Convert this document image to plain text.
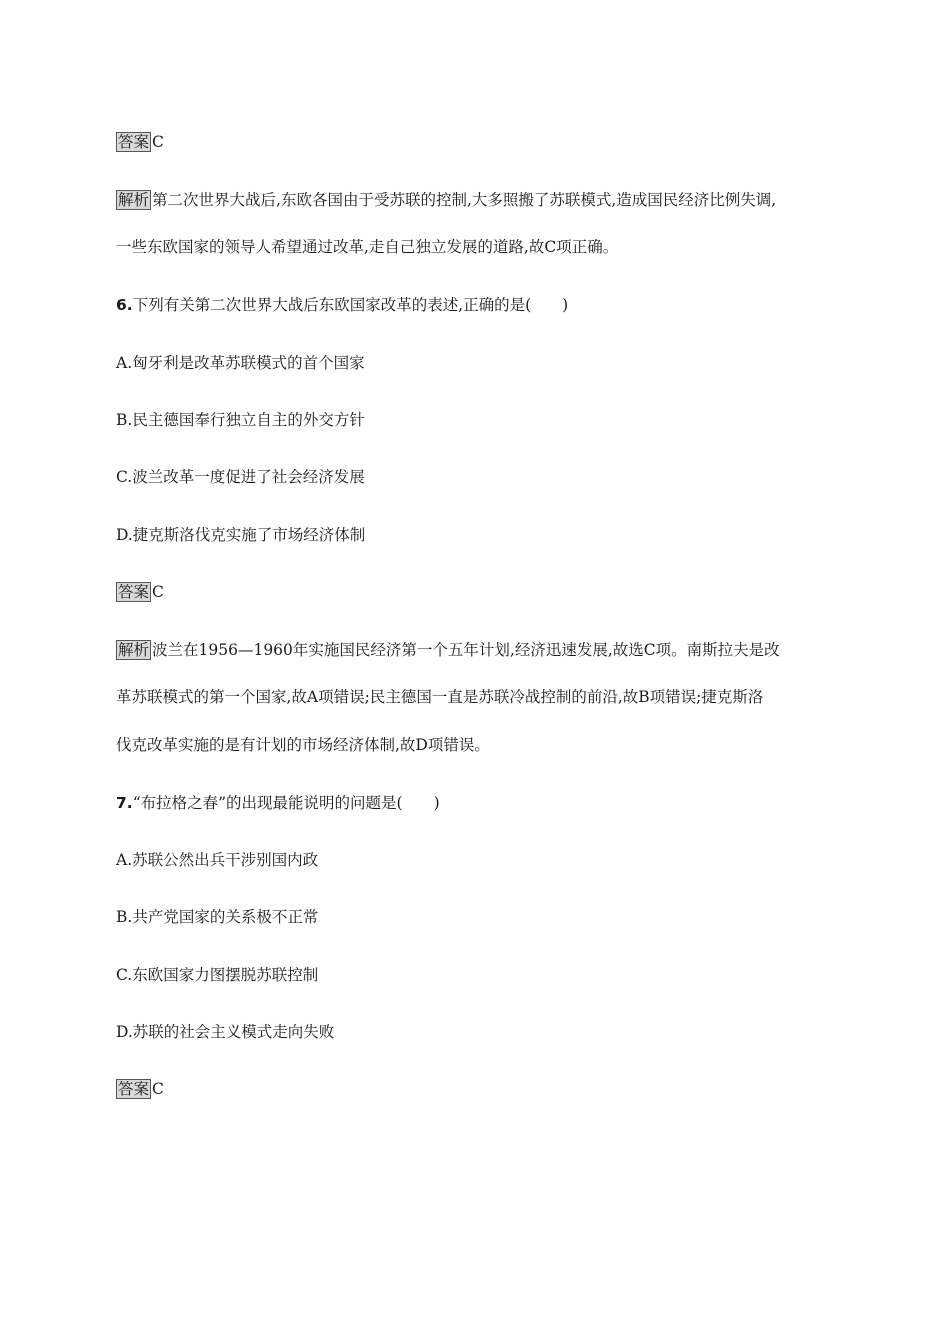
答案 C
解析 第二次世界大战后,东欧各国由于受苏联的控制,大多照搬了苏联模式,造成国民经济比例失调,
一些东欧国家的领导人希望通过改革,走自己独立发展的道路,故C项正确。
6.下列有关第二次世界大战后东欧国家改革的表述,正确的是(　　)
A.匈牙利是改革苏联模式的首个国家
B.民主德国奉行独立自主的外交方针
C.波兰改革一度促进了社会经济发展
D.捷克斯洛伐克实施了市场经济体制
答案 C
解析 波兰在1956—1960年实施国民经济第一个五年计划,经济迅速发展,故选C项。南斯拉夫是改
革苏联模式的第一个国家,故A项错误;民主德国一直是苏联冷战控制的前沿,故B项错误;捷克斯洛
伐克改革实施的是有计划的市场经济体制,故D项错误。
7.“布拉格之春”的出现最能说明的问题是(　　)
A.苏联公然出兵干涉别国内政
B.共产党国家的关系极不正常
C.东欧国家力图摆脱苏联控制
D.苏联的社会主义模式走向失败
答案 C
